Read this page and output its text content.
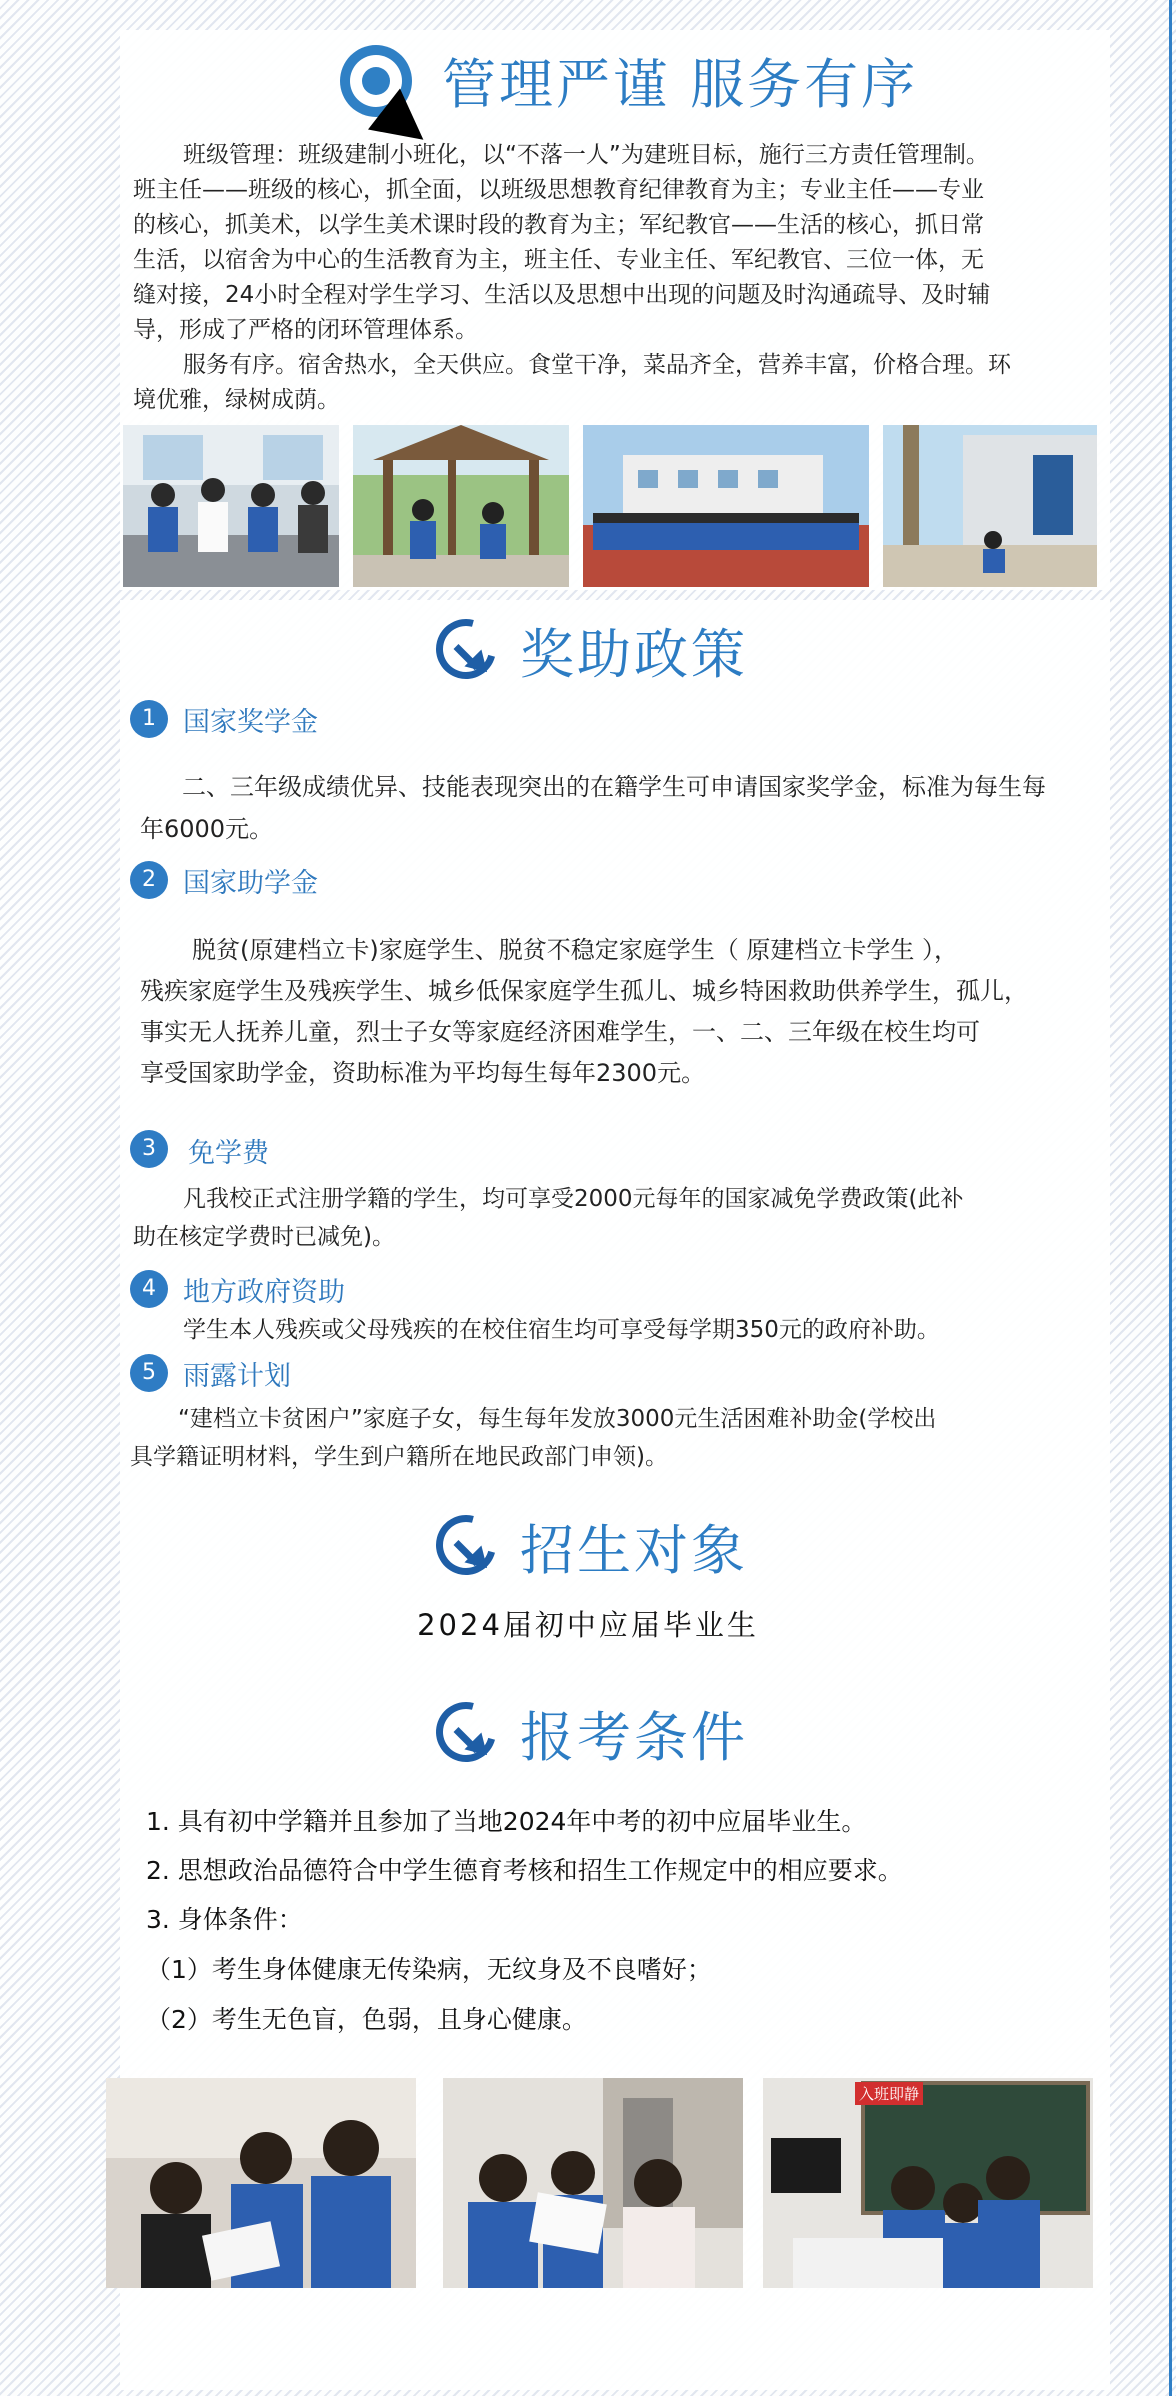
管理严谨 服务有序
班级管理：班级建制小班化，以“不落一人”为建班目标，施行三方责任管理制。
班主任——班级的核心，抓全面，以班级思想教育纪律教育为主；专业主任——专业
的核心，抓美术，以学生美术课时段的教育为主；军纪教官——生活的核心，抓日常
生活，以宿舍为中心的生活教育为主，班主任、专业主任、军纪教官、三位一体，无
缝对接，24小时全程对学生学习、生活以及思想中出现的问题及时沟通疏导、及时辅
导，形成了严格的闭环管理体系。
服务有序。宿舍热水，全天供应。食堂干净，菜品齐全，营养丰富，价格合理。环
境优雅，绿树成荫。
奖助政策
1	国家奖学金
二、三年级成绩优异、技能表现突出的在籍学生可申请国家奖学金，标准为每生每
年6000元。
2	国家助学金
脱贫(原建档立卡)家庭学生、脱贫不稳定家庭学生（ 原建档立卡学生 ），
残疾家庭学生及残疾学生、城乡低保家庭学生孤儿、城乡特困救助供养学生，孤儿，
事实无人抚养儿童，烈士子女等家庭经济困难学生，一、二、三年级在校生均可
享受国家助学金，资助标准为平均每生每年2300元。
3	免学费
凡我校正式注册学籍的学生，均可享受2000元每年的国家减免学费政策(此补
助在核定学费时已减免)。
4	地方政府资助
学生本人残疾或父母残疾的在校住宿生均可享受每学期350元的政府补助。
5	雨露计划
“建档立卡贫困户”家庭子女，每生每年发放3000元生活困难补助金(学校出
具学籍证明材料，学生到户籍所在地民政部门申领)。
招生对象
2024届初中应届毕业生
报考条件
1. 具有初中学籍并且参加了当地2024年中考的初中应届毕业生。
2. 思想政治品德符合中学生德育考核和招生工作规定中的相应要求。
3. 身体条件：
（1）考生身体健康无传染病，无纹身及不良嗜好；
（2）考生无色盲，色弱，且身心健康。
入班即静
